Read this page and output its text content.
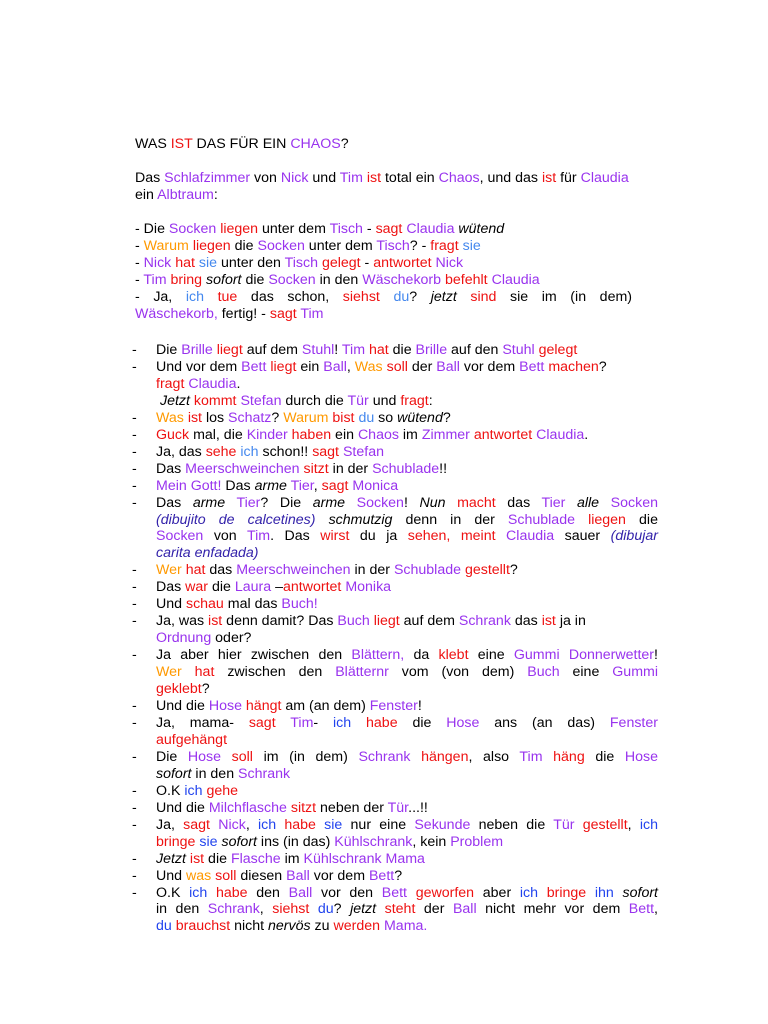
WAS IST DAS FÜR EIN CHAOS?
Das Schlafzimmer von Nick und Tim ist total ein Chaos, und das ist für Claudia ein Albtraum:
- Die Socken liegen unter dem Tisch - sagt Claudia wütend
- Warum liegen die Socken unter dem Tisch? - fragt sie
- Nick hat sie unter den Tisch gelegt - antwortet Nick
- Tim bring sofort die Socken in den Wäschekorb befehlt Claudia
- Ja, ich tue das schon, siehst du? jetzt sind sie im (in dem)
Wäschekorb, fertig! - sagt Tim
- Die Brille liegt auf dem Stuhl! Tim hat die Brille auf den Stuhl gelegt
- Und vor dem Bett liegt ein Ball, Was soll der Ball vor dem Bett machen?
fragt Claudia.
Jetzt kommt Stefan durch die Tür und fragt:
- Was ist los Schatz? Warum bist du so wütend?
- Guck mal, die Kinder haben ein Chaos im Zimmer antwortet Claudia.
- Ja, das sehe ich schon!! sagt Stefan
- Das Meerschweinchen sitzt in der Schublade!!
- Mein Gott! Das arme Tier, sagt Monica
- Das arme Tier? Die arme Socken! Nun macht das Tier alle Socken
(dibujito de calcetines) schmutzig denn in der Schublade liegen die
Socken von Tim. Das wirst du ja sehen, meint Claudia sauer (dibujar
carita enfadada)
- Wer hat das Meerschweinchen in der Schublade gestellt?
- Das war die Laura –antwortet Monika
- Und schau mal das Buch!
- Ja, was ist denn damit? Das Buch liegt auf dem Schrank das ist ja in
Ordnung oder?
- Ja aber hier zwischen den Blättern, da klebt eine Gummi Donnerwetter!
Wer hat zwischen den Blätternr vom (von dem) Buch eine Gummi
geklebt?
- Und die Hose hängt am (an dem) Fenster!
- Ja, mama- sagt Tim- ich habe die Hose ans (an das) Fenster
aufgehängt
- Die Hose soll im (in dem) Schrank hängen, also Tim häng die Hose
sofort in den Schrank
- O.K ich gehe
- Und die Milchflasche sitzt neben der Tür...!!
- Ja, sagt Nick, ich habe sie nur eine Sekunde neben die Tür gestellt, ich
bringe sie sofort ins (in das) Kühlschrank, kein Problem
- Jetzt ist die Flasche im Kühlschrank Mama
- Und was soll diesen Ball vor dem Bett?
- O.K ich habe den Ball vor den Bett geworfen aber ich bringe ihn sofort
in den Schrank, siehst du? jetzt steht der Ball nicht mehr vor dem Bett,
du brauchst nicht nervös zu werden Mama.
